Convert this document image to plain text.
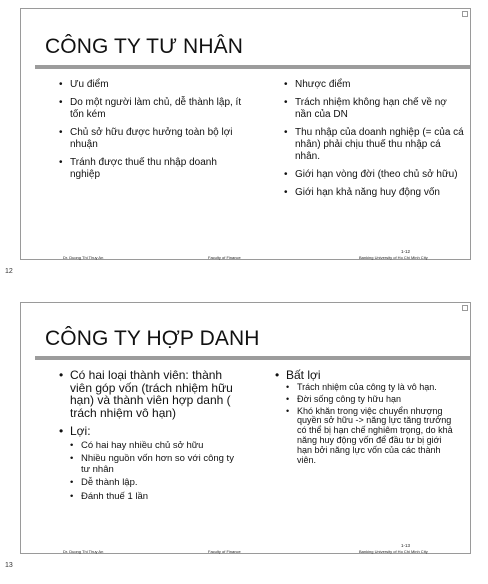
CÔNG TY TƯ NHÂN
• Ưu điểm
• Do một người làm chủ, dễ thành lập, ít tốn kém
• Chủ sở hữu được hưởng toàn bộ lợi nhuận
• Tránh được thuế thu nhập doanh nghiệp
• Nhược điểm
• Trách nhiệm không hạn chế về nợ nần của DN
• Thu nhập của doanh nghiệp (= của cá nhân) phải chịu thuế thu nhập cá nhân.
• Giới hạn vòng đời (theo chủ sở hữu)
• Giới hạn khả năng huy động vốn
Dr. Duong Thi Thuy An	Faculty of Finance	Banking University of Ho Chi Minh City
1-12
12
CÔNG TY HỢP DANH
• Có hai loại thành viên: thành viên góp vốn (trách nhiệm hữu hạn) và thành viên hợp danh ( trách nhiệm vô hạn)
• Lợi:
• Có hai hay nhiều chủ sở hữu
• Nhiều nguồn vốn hơn so với công ty tư nhân
• Dễ thành lập.
• Đánh thuế 1 lần
• Bất lợi
• Trách nhiệm của công ty là vô hạn.
• Đời sống công ty hữu hạn
• Khó khăn trong việc chuyển nhượng quyền sở hữu -> năng lực tăng trưởng có thể bị hạn chế nghiêm trọng, do khả năng huy động vốn để đầu tư bị giới hạn bởi năng lực vốn của các thành viên.
Dr. Duong Thi Thuy An	Faculty of Finance	Banking University of Ho Chi Minh City
1-13
13
